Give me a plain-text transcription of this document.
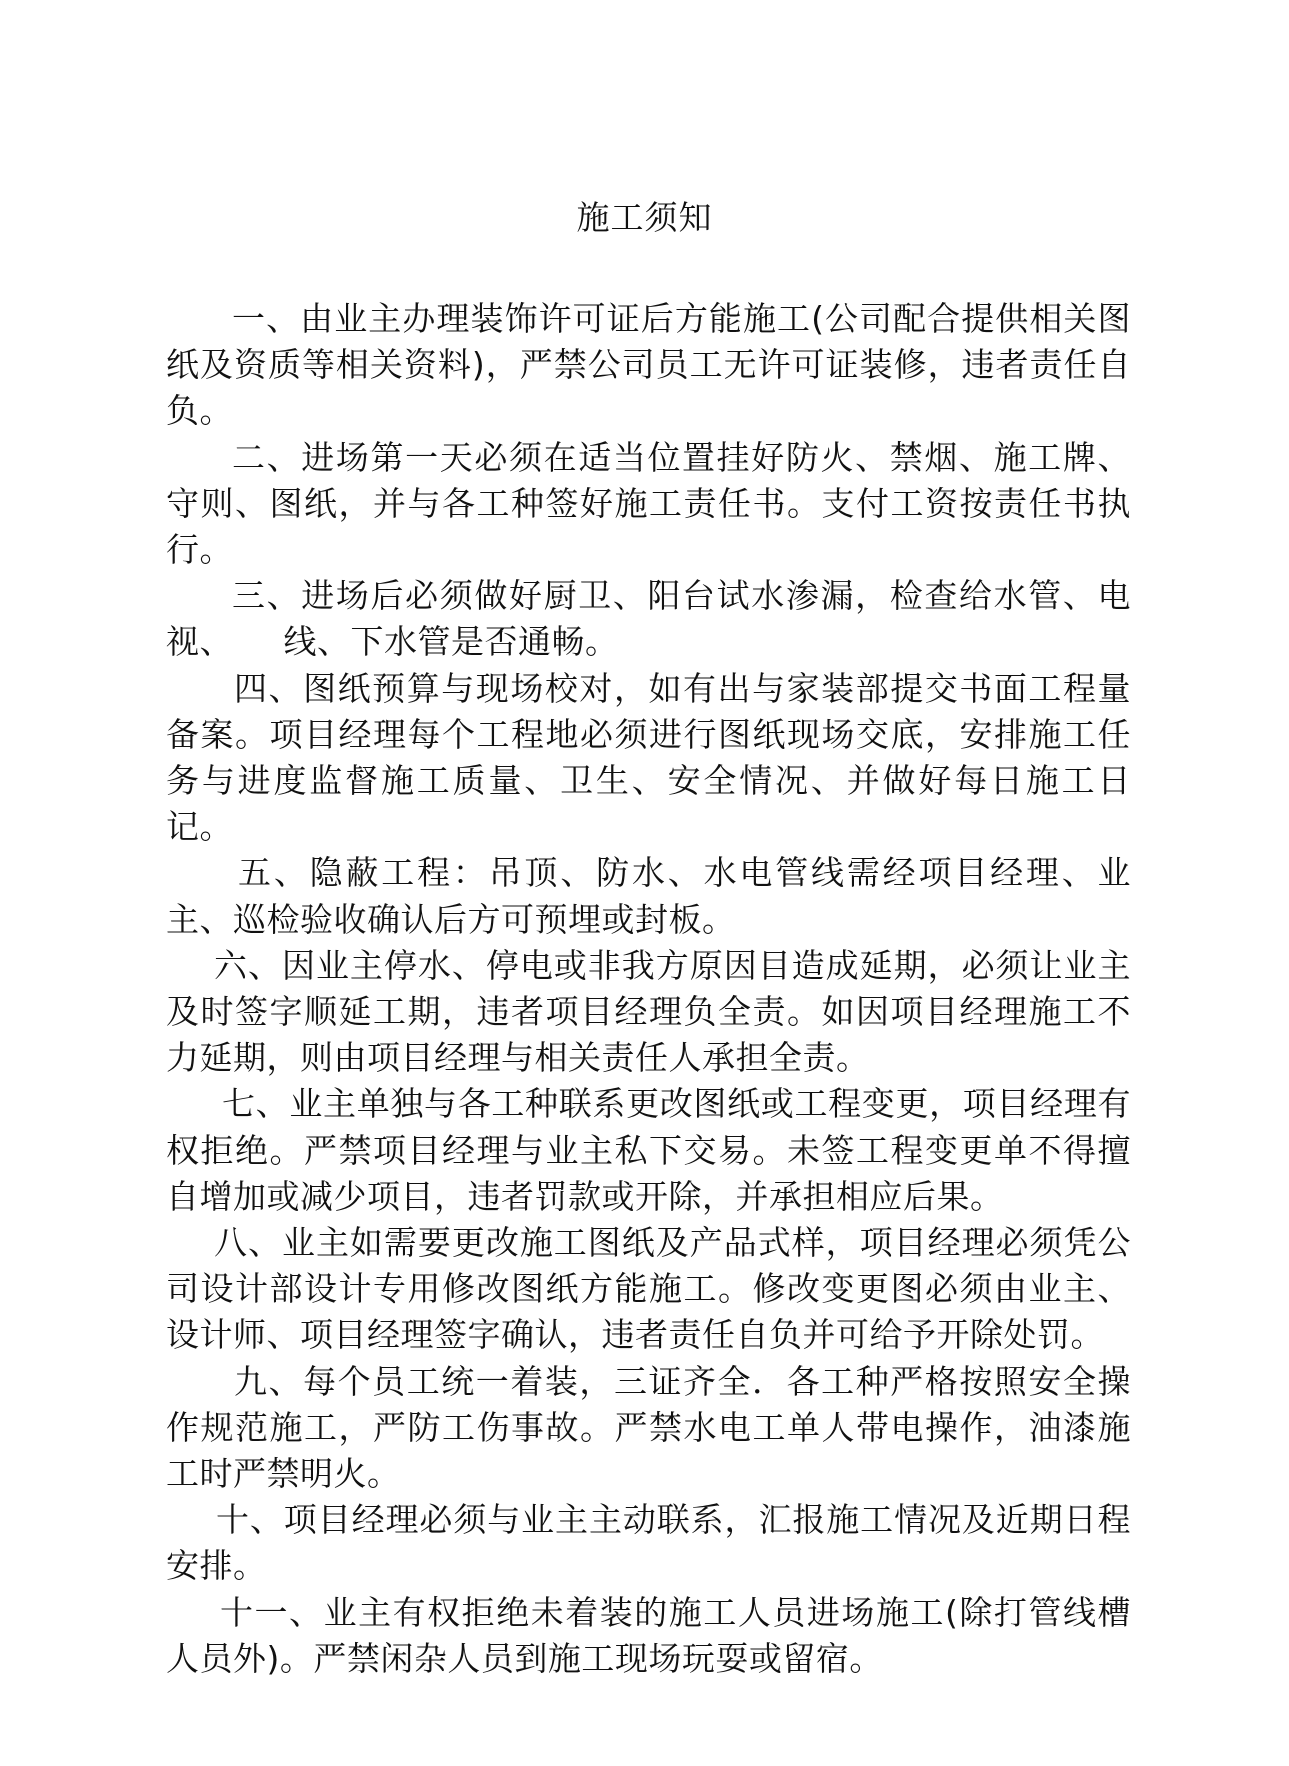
施工须知

一、由业主办理装饰许可证后方能施工(公司配合提供相关图纸及资质等相关资料)，严禁公司员工无许可证装修，违者责任自负。

二、进场第一天必须在适当位置挂好防火、禁烟、施工牌、守则、图纸，并与各工种签好施工责任书。支付工资按责任书执行。

三、进场后必须做好厨卫、阳台试水渗漏，检查给水管、电视、　　线、下水管是否通畅。

四、图纸预算与现场校对，如有出与家装部提交书面工程量备案。项目经理每个工程地必须进行图纸现场交底，安排施工任务与进度监督施工质量、卫生、安全情况、并做好每日施工日记。

五、隐蔽工程：吊顶、防水、水电管线需经项目经理、业主、巡检验收确认后方可预埋或封板。

六、因业主停水、停电或非我方原因目造成延期，必须让业主及时签字顺延工期，违者项目经理负全责。如因项目经理施工不力延期，则由项目经理与相关责任人承担全责。

七、业主单独与各工种联系更改图纸或工程变更，项目经理有权拒绝。严禁项目经理与业主私下交易。未签工程变更单不得擅自增加或减少项目，违者罚款或开除，并承担相应后果。

八、业主如需要更改施工图纸及产品式样，项目经理必须凭公司设计部设计专用修改图纸方能施工。修改变更图必须由业主、设计师、项目经理签字确认，违者责任自负并可给予开除处罚。

九、每个员工统一着装，三证齐全．各工种严格按照安全操作规范施工，严防工伤事故。严禁水电工单人带电操作，油漆施工时严禁明火。

十、项目经理必须与业主主动联系，汇报施工情况及近期日程安排。

十一、业主有权拒绝未着装的施工人员进场施工(除打管线槽人员外)。严禁闲杂人员到施工现场玩耍或留宿。
